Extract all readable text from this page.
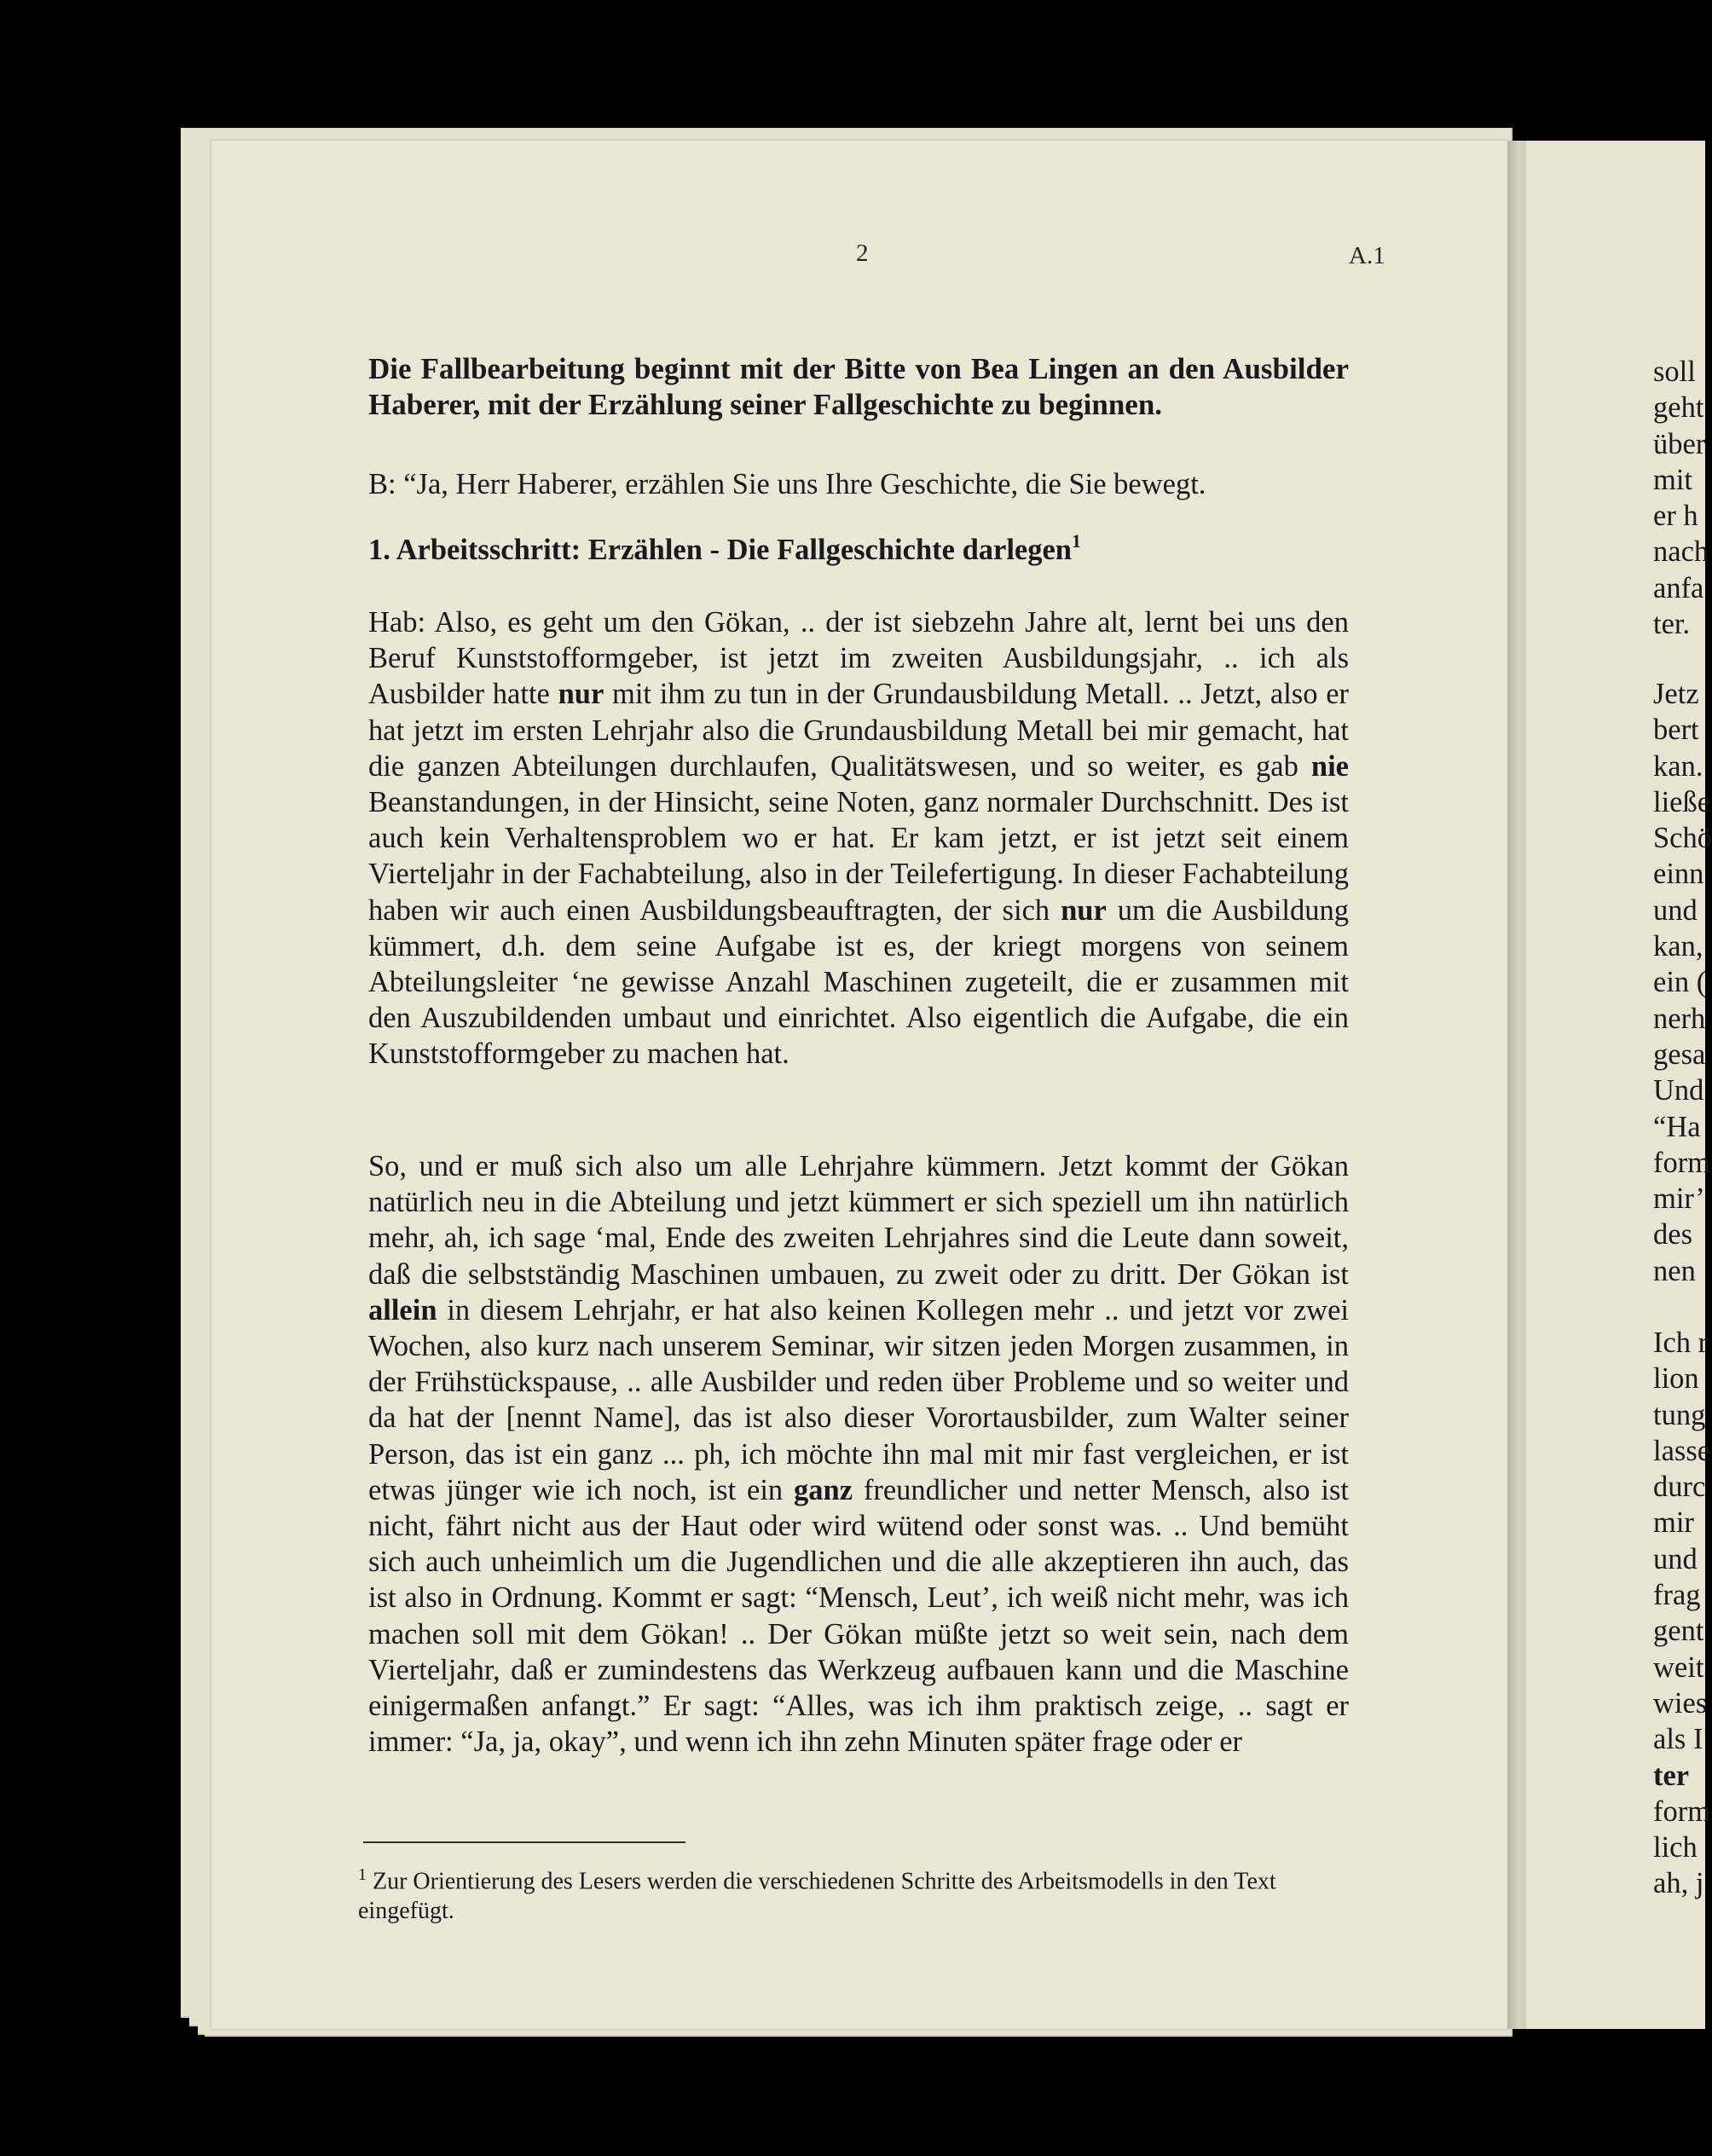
2	A.1
Die Fallbearbeitung beginnt mit der Bitte von Bea Lingen an den Ausbilder Haberer, mit der Erzählung seiner Fallgeschichte zu beginnen.
B: “Ja, Herr Haberer, erzählen Sie uns Ihre Geschichte, die Sie bewegt.
1. Arbeitsschritt: Erzählen - Die Fallgeschichte darlegen$^1$
Hab: Also, es geht um den Gökan, .. der ist siebzehn Jahre alt, lernt bei uns den Beruf Kunststofformgeber, ist jetzt im zweiten Ausbildungsjahr, .. ich als Ausbilder hatte nur mit ihm zu tun in der Grundausbildung Metall. .. Jetzt, also er hat jetzt im ersten Lehrjahr also die Grundausbildung Metall bei mir gemacht, hat die ganzen Abteilungen durchlaufen, Qualitätswesen, und so weiter, es gab nie Beanstandungen, in der Hinsicht, seine Noten, ganz normaler Durchschnitt. Des ist auch kein Verhaltensproblem wo er hat. Er kam jetzt, er ist jetzt seit einem Vierteljahr in der Fachabteilung, also in der Teilefertigung. In dieser Fachabteilung haben wir auch einen Ausbildungsbeauftragten, der sich nur um die Ausbildung kümmert, d.h. dem seine Aufgabe ist es, der kriegt morgens von seinem Abteilungsleiter ‘ne gewisse Anzahl Maschinen zugeteilt, die er zusammen mit den Auszubildenden umbaut und einrichtet. Also eigentlich die Aufgabe, die ein Kunststofformgeber zu machen hat.
So, und er muß sich also um alle Lehrjahre kümmern. Jetzt kommt der Gökan natürlich neu in die Abteilung und jetzt kümmert er sich speziell um ihn natürlich mehr, ah, ich sage ‘mal, Ende des zweiten Lehrjahres sind die Leute dann soweit, daß die selbstständig Maschinen umbauen, zu zweit oder zu dritt. Der Gökan ist allein in diesem Lehrjahr, er hat also keinen Kollegen mehr .. und jetzt vor zwei Wochen, also kurz nach unserem Seminar, wir sitzen jeden Morgen zusammen, in der Frühstückspause, .. alle Ausbilder und reden über Probleme und so weiter und da hat der [nennt Name], das ist also dieser Vorortausbilder, zum Walter seiner Person, das ist ein ganz ... ph, ich möchte ihn mal mit mir fast vergleichen, er ist etwas jünger wie ich noch, ist ein ganz freundlicher und netter Mensch, also ist nicht, fährt nicht aus der Haut oder wird wütend oder sonst was. .. Und bemüht sich auch unheimlich um die Jugendlichen und die alle akzeptieren ihn auch, das ist also in Ordnung. Kommt er sagt: “Mensch, Leut’, ich weiß nicht mehr, was ich machen soll mit dem Gökan! .. Der Gökan müßte jetzt so weit sein, nach dem Vierteljahr, daß er zumindestens das Werkzeug aufbauen kann und die Maschine einigermaßen anfangt.” Er sagt: “Alles, was ich ihm praktisch zeige, .. sagt er immer: “Ja, ja, okay”, und wenn ich ihn zehn Minuten später frage oder er
$^1$ Zur Orientierung des Lesers werden die verschiedenen Schritte des Arbeitsmodells in den Text eingefügt.
soll
geht
über
mit
er h
nach
anfa
ter.
Jetz
bert
kan.
ließe
Schö
einn
und
kan,
ein (
nerh
gesa
Und
“Ha
form
mir’
des
nen
Ich r
lion
tung
lasse
durc
mir
und
frag
gent
weit
wies
als I
ter
form
lich
ah, j
